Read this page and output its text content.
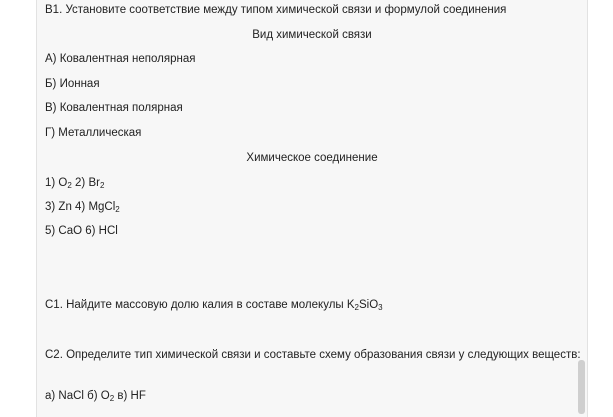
В1. Установите соответствие между типом химической связи и формулой соединения
Вид химической связи
А) Ковалентная неполярная
Б) Ионная
В) Ковалентная полярная
Г) Металлическая
Химическое соединение
1) $O_2$ 2) $Br_2$
3) Zn 4) MgCl$_2$
5) CaO 6) HCl
С1. Найдите массовую долю калия в составе молекулы $K_2SiO_3$
С2. Определите тип химической связи и составьте схему образования связи у следующих веществ:
а) NaCl б) $O_2$ в) HF
